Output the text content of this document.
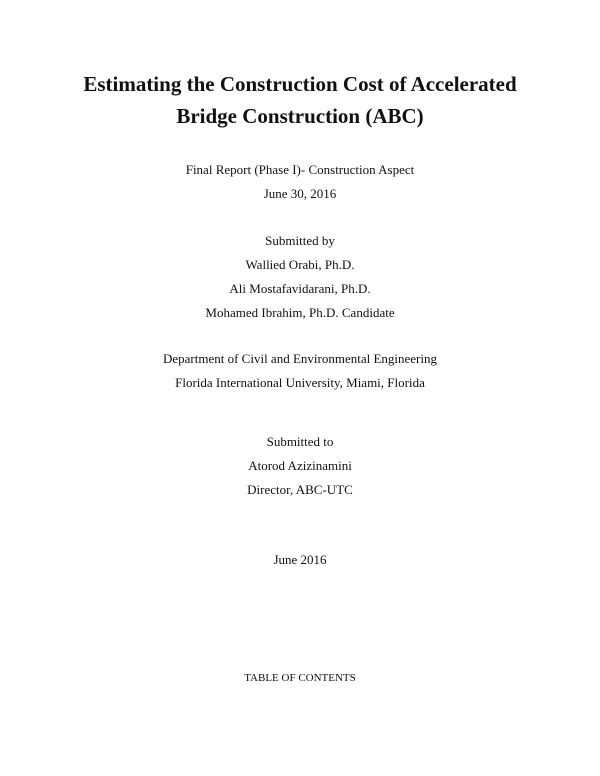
Estimating the Construction Cost of Accelerated
Bridge Construction (ABC)
Final Report (Phase I)- Construction Aspect
June 30, 2016
Submitted by
Wallied Orabi, Ph.D.
Ali Mostafavidarani, Ph.D.
Mohamed Ibrahim, Ph.D. Candidate
Department of Civil and Environmental Engineering
Florida International University, Miami, Florida
Submitted to
Atorod Azizinamini
Director, ABC-UTC
June 2016
TABLE OF CONTENTS
